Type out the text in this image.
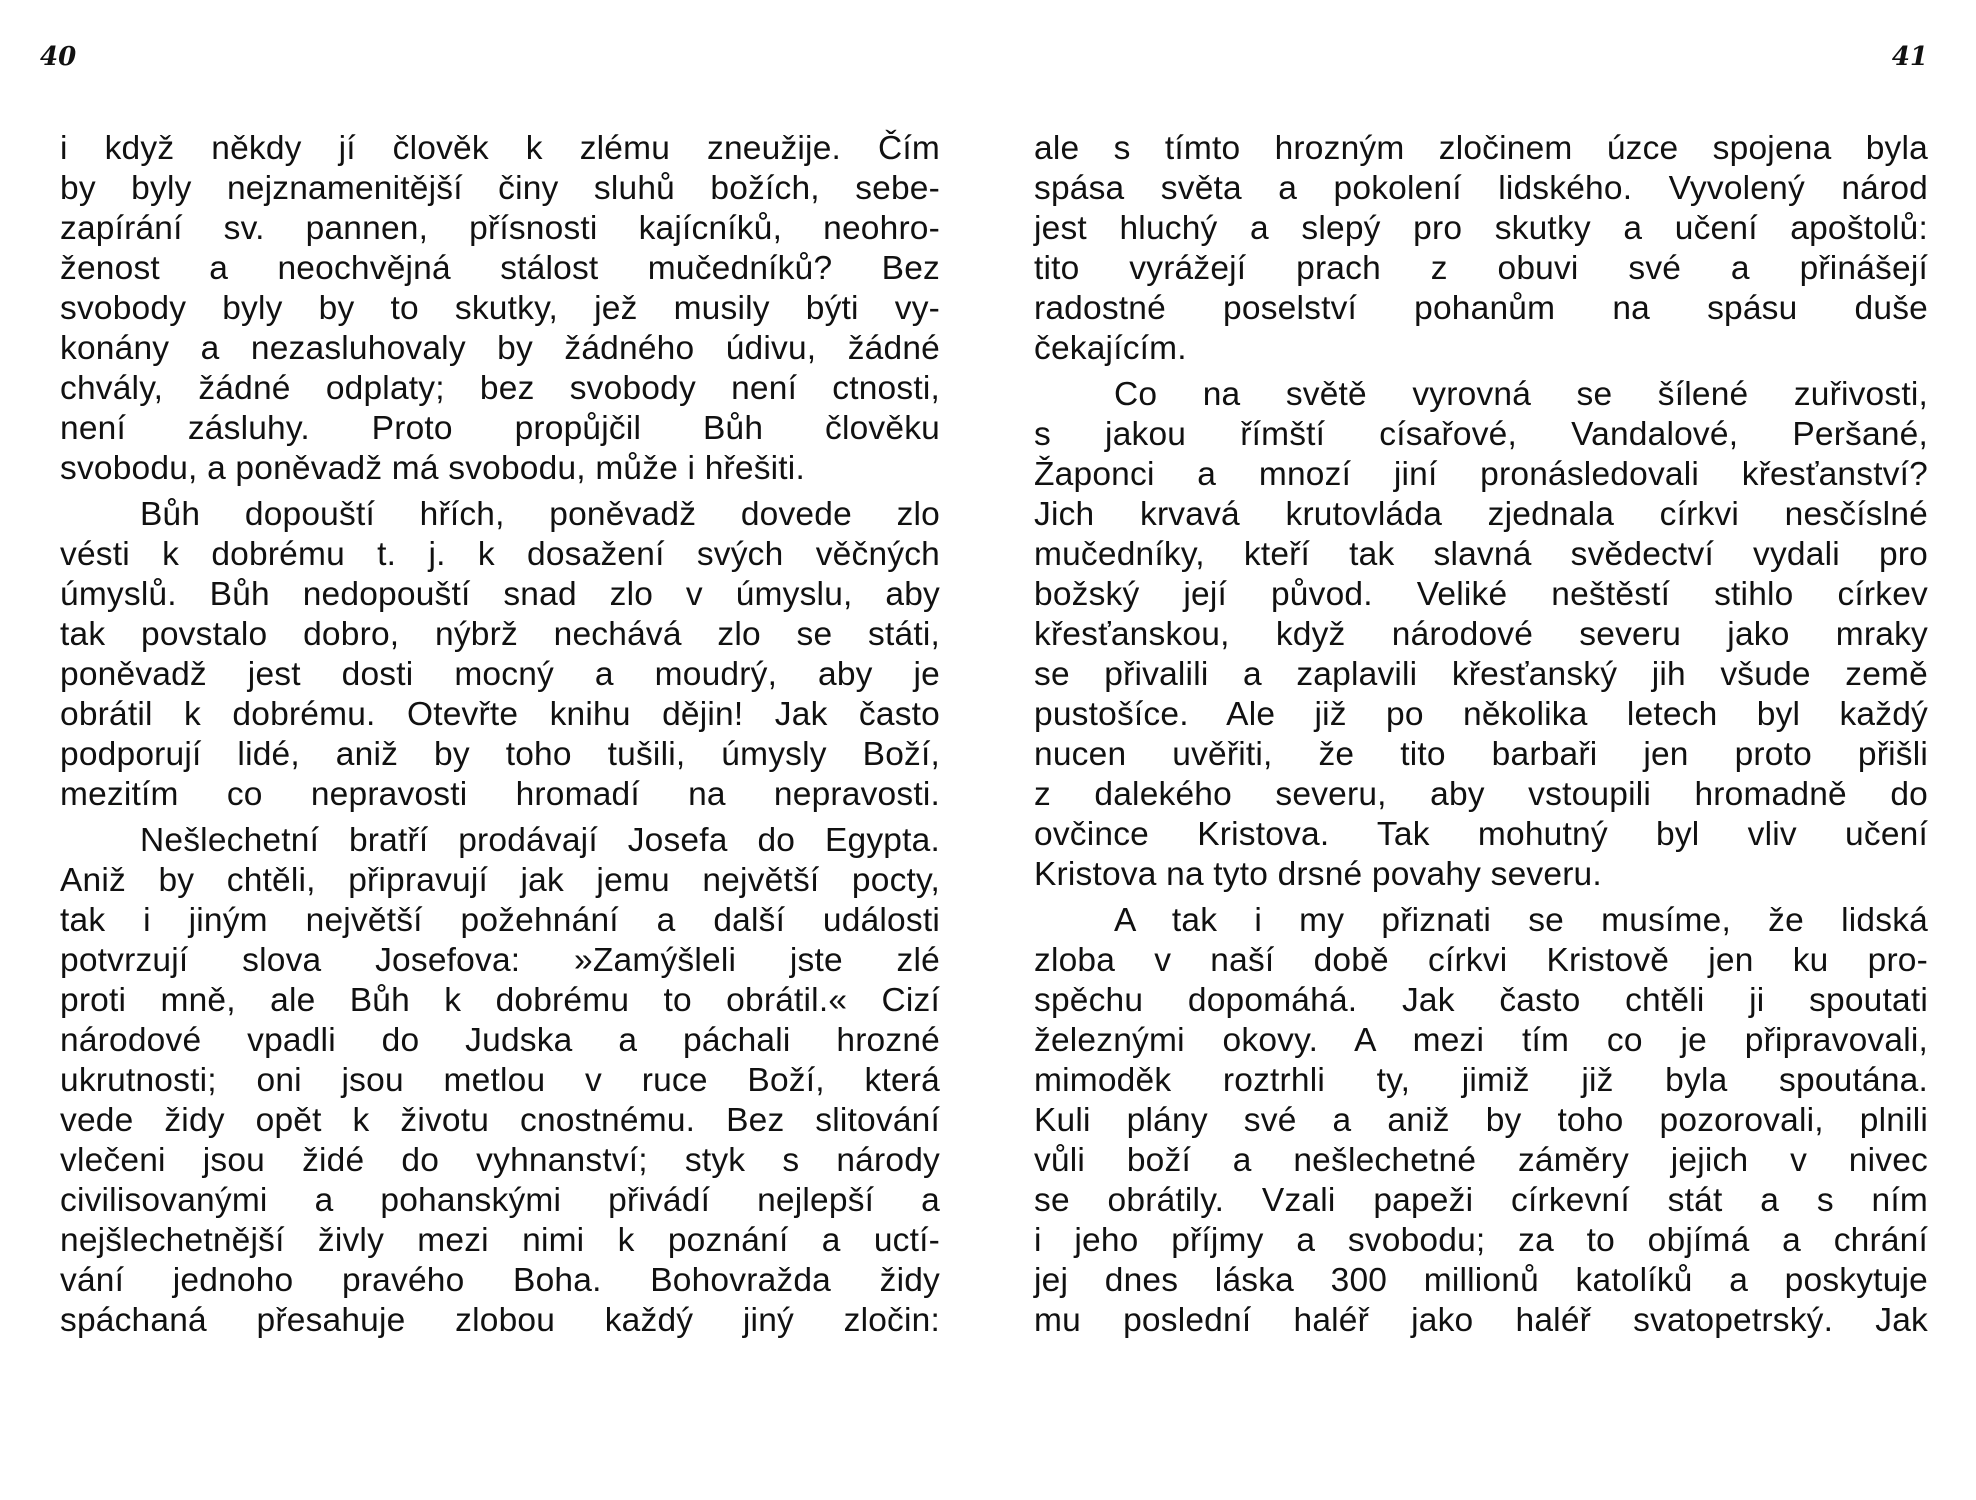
40
i když někdy jí člověk k zlému zneužije. Čím
by byly nejznamenitější činy sluhů božích, sebe-
zapírání sv. pannen, přísnosti kajícníků, neohro-
ženost a neochvějná stálost mučedníků? Bez
svobody byly by to skutky, jež musily býti vy-
konány a nezasluhovaly by žádného údivu, žádné
chvály, žádné odplaty; bez svobody není ctnosti,
není zásluhy. Proto propůjčil Bůh člověku
svobodu, a poněvadž má svobodu, může i hřešiti.
Bůh dopouští hřích, poněvadž dovede zlo
vésti k dobrému t. j. k dosažení svých věčných
úmyslů. Bůh nedopouští snad zlo v úmyslu, aby
tak povstalo dobro, nýbrž nechává zlo se státi,
poněvadž jest dosti mocný a moudrý, aby je
obrátil k dobrému. Otevřte knihu dějin! Jak často
podporují lidé, aniž by toho tušili, úmysly Boží,
mezitím co nepravosti hromadí na nepravosti.
Nešlechetní bratří prodávají Josefa do Egypta.
Aniž by chtěli, připravují jak jemu největší pocty,
tak i jiným největší požehnání a další události
potvrzují slova Josefova: »Zamýšleli jste zlé
proti mně, ale Bůh k dobrému to obrátil.« Cizí
národové vpadli do Judska a páchali hrozné
ukrutnosti; oni jsou metlou v ruce Boží, která
vede židy opět k životu cnostnému. Bez slitování
vlečeni jsou židé do vyhnanství; styk s národy
civilisovanými a pohanskými přivádí nejlepší a
nejšlechetnější živly mezi nimi k poznání a uctí-
vání jednoho pravého Boha. Bohovražda židy
spáchaná přesahuje zlobou každý jiný zločin:
41
ale s tímto hrozným zločinem úzce spojena byla
spása světa a pokolení lidského. Vyvolený národ
jest hluchý a slepý pro skutky a učení apoštolů:
tito vyrážejí prach z obuvi své a přinášejí
radostné poselství pohanům na spásu duše
čekajícím.
Co na světě vyrovná se šílené zuřivosti,
s jakou římští císařové, Vandalové, Peršané,
Žaponci a mnozí jiní pronásledovali křesťanství?
Jich krvavá krutovláda zjednala církvi nesčíslné
mučedníky, kteří tak slavná svědectví vydali pro
božský její původ. Veliké neštěstí stihlo církev
křesťanskou, když národové severu jako mraky
se přivalili a zaplavili křesťanský jih všude země
pustošíce. Ale již po několika letech byl každý
nucen uvěřiti, že tito barbaři jen proto přišli
z dalekého severu, aby vstoupili hromadně do
ovčince Kristova. Tak mohutný byl vliv učení
Kristova na tyto drsné povahy severu.
A tak i my přiznati se musíme, že lidská
zloba v naší době církvi Kristově jen ku pro-
spěchu dopomáhá. Jak často chtěli ji spoutati
železnými okovy. A mezi tím co je připravovali,
mimoděk roztrhli ty, jimiž již byla spoutána.
Kuli plány své a aniž by toho pozorovali, plnili
vůli boží a nešlechetné záměry jejich v nivec
se obrátily. Vzali papeži církevní stát a s ním
i jeho příjmy a svobodu; za to objímá a chrání
jej dnes láska 300 millionů katolíků a poskytuje
mu poslední haléř jako haléř svatopetrský. Jak
